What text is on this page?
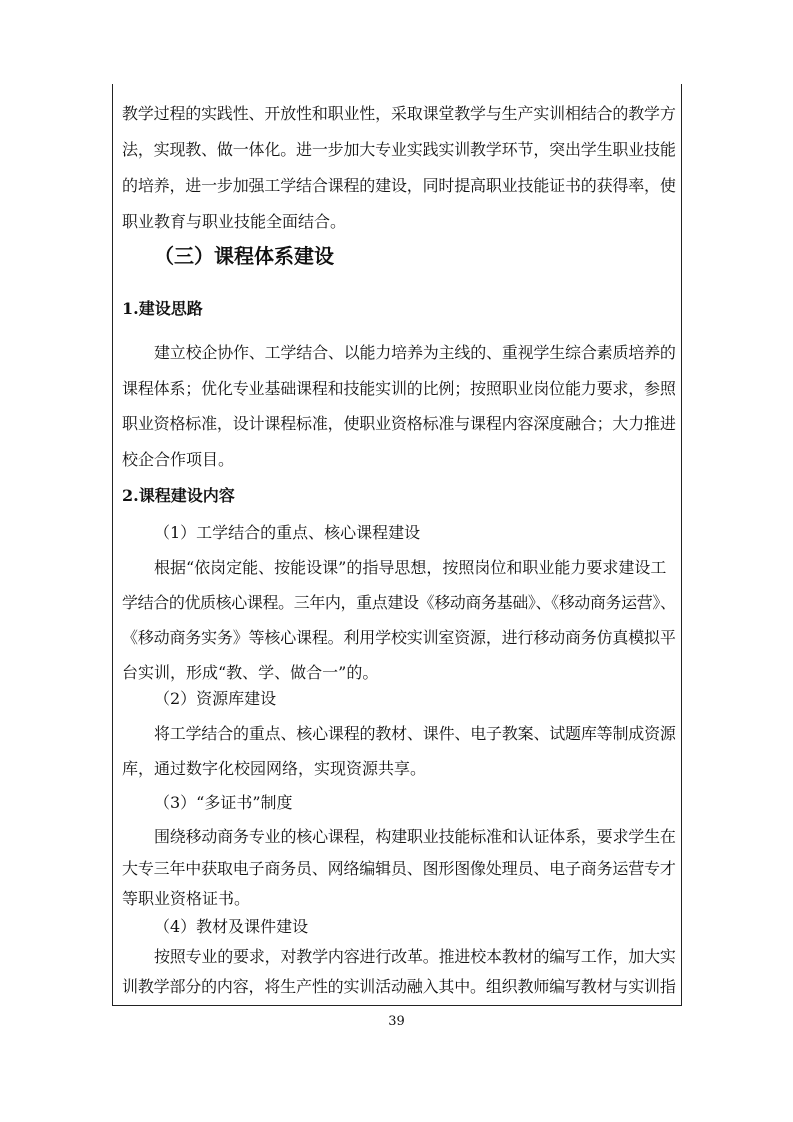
教学过程的实践性、开放性和职业性，采取课堂教学与生产实训相结合的教学方
法，实现教、做一体化。进一步加大专业实践实训教学环节，突出学生职业技能
的培养，进一步加强工学结合课程的建设，同时提高职业技能证书的获得率，使
职业教育与职业技能全面结合。
（三）课程体系建设
1.建设思路
建立校企协作、工学结合、以能力培养为主线的、重视学生综合素质培养的
课程体系；优化专业基础课程和技能实训的比例；按照职业岗位能力要求，参照
职业资格标准，设计课程标准，使职业资格标准与课程内容深度融合；大力推进
校企合作项目。
2.课程建设内容
（1）工学结合的重点、核心课程建设
根据“依岗定能、按能设课”的指导思想，按照岗位和职业能力要求建设工
学结合的优质核心课程。三年内，重点建设《移动商务基础》、《移动商务运营》、
《移动商务实务》等核心课程。利用学校实训室资源，进行移动商务仿真模拟平
台实训，形成“教、学、做合一”的。
（2）资源库建设
将工学结合的重点、核心课程的教材、课件、电子教案、试题库等制成资源
库，通过数字化校园网络，实现资源共享。
（3）“多证书”制度
围绕移动商务专业的核心课程，构建职业技能标准和认证体系，要求学生在
大专三年中获取电子商务员、网络编辑员、图形图像处理员、电子商务运营专才
等职业资格证书。
（4）教材及课件建设
按照专业的要求，对教学内容进行改革。推进校本教材的编写工作，加大实
训教学部分的内容，将生产性的实训活动融入其中。组织教师编写教材与实训指
39
